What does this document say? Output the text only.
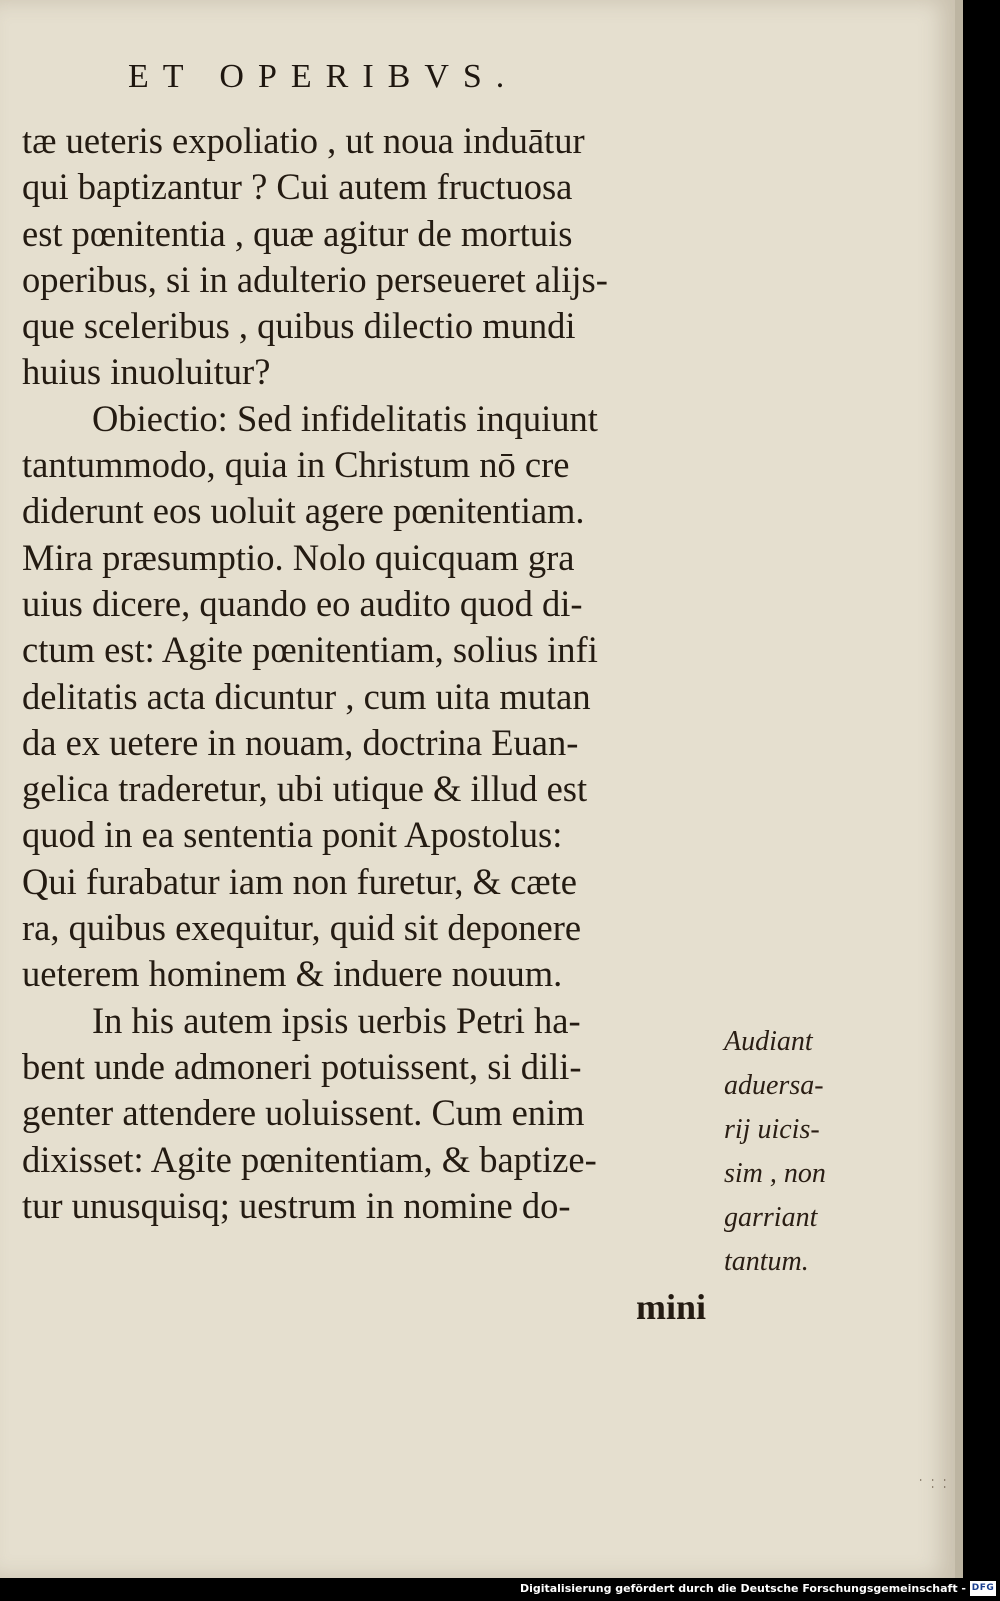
ET OPERIBVS.
tæ ueteris expoliatio , ut noua induātur
qui baptizantur ? Cui autem fructuosa
est pœnitentia , quæ agitur de mortuis
operibus, si in adulterio perseueret alijs-
que sceleribus , quibus dilectio mundi
huius inuoluitur?
Obiectio: Sed infidelitatis inquiunt
tantummodo, quia in Christum nō cre
diderunt eos uoluit agere pœnitentiam.
Mira præsumptio. Nolo quicquam gra
uius dicere, quando eo audito quod di-
ctum est: Agite pœnitentiam, solius infi
delitatis acta dicuntur , cum uita mutan
da ex uetere in nouam, doctrina Euan-
gelica traderetur, ubi utique & illud est
quod in ea sententia ponit Apostolus:
Qui furabatur iam non furetur, & cæte
ra, quibus exequitur, quid sit deponere
ueterem hominem & induere nouum.
In his autem ipsis uerbis Petri ha-
bent unde admoneri potuissent, si dili-
genter attendere uoluissent. Cum enim
dixisset: Agite pœnitentiam, & baptize-
tur unusquisq; uestrum in nomine do-
Audiant
aduersa-
rij uicis-
sim , non
garriant
tantum.
mini
· · · · ·
Digitalisierung gefördert durch die Deutsche Forschungsgemeinschaft - DFG
